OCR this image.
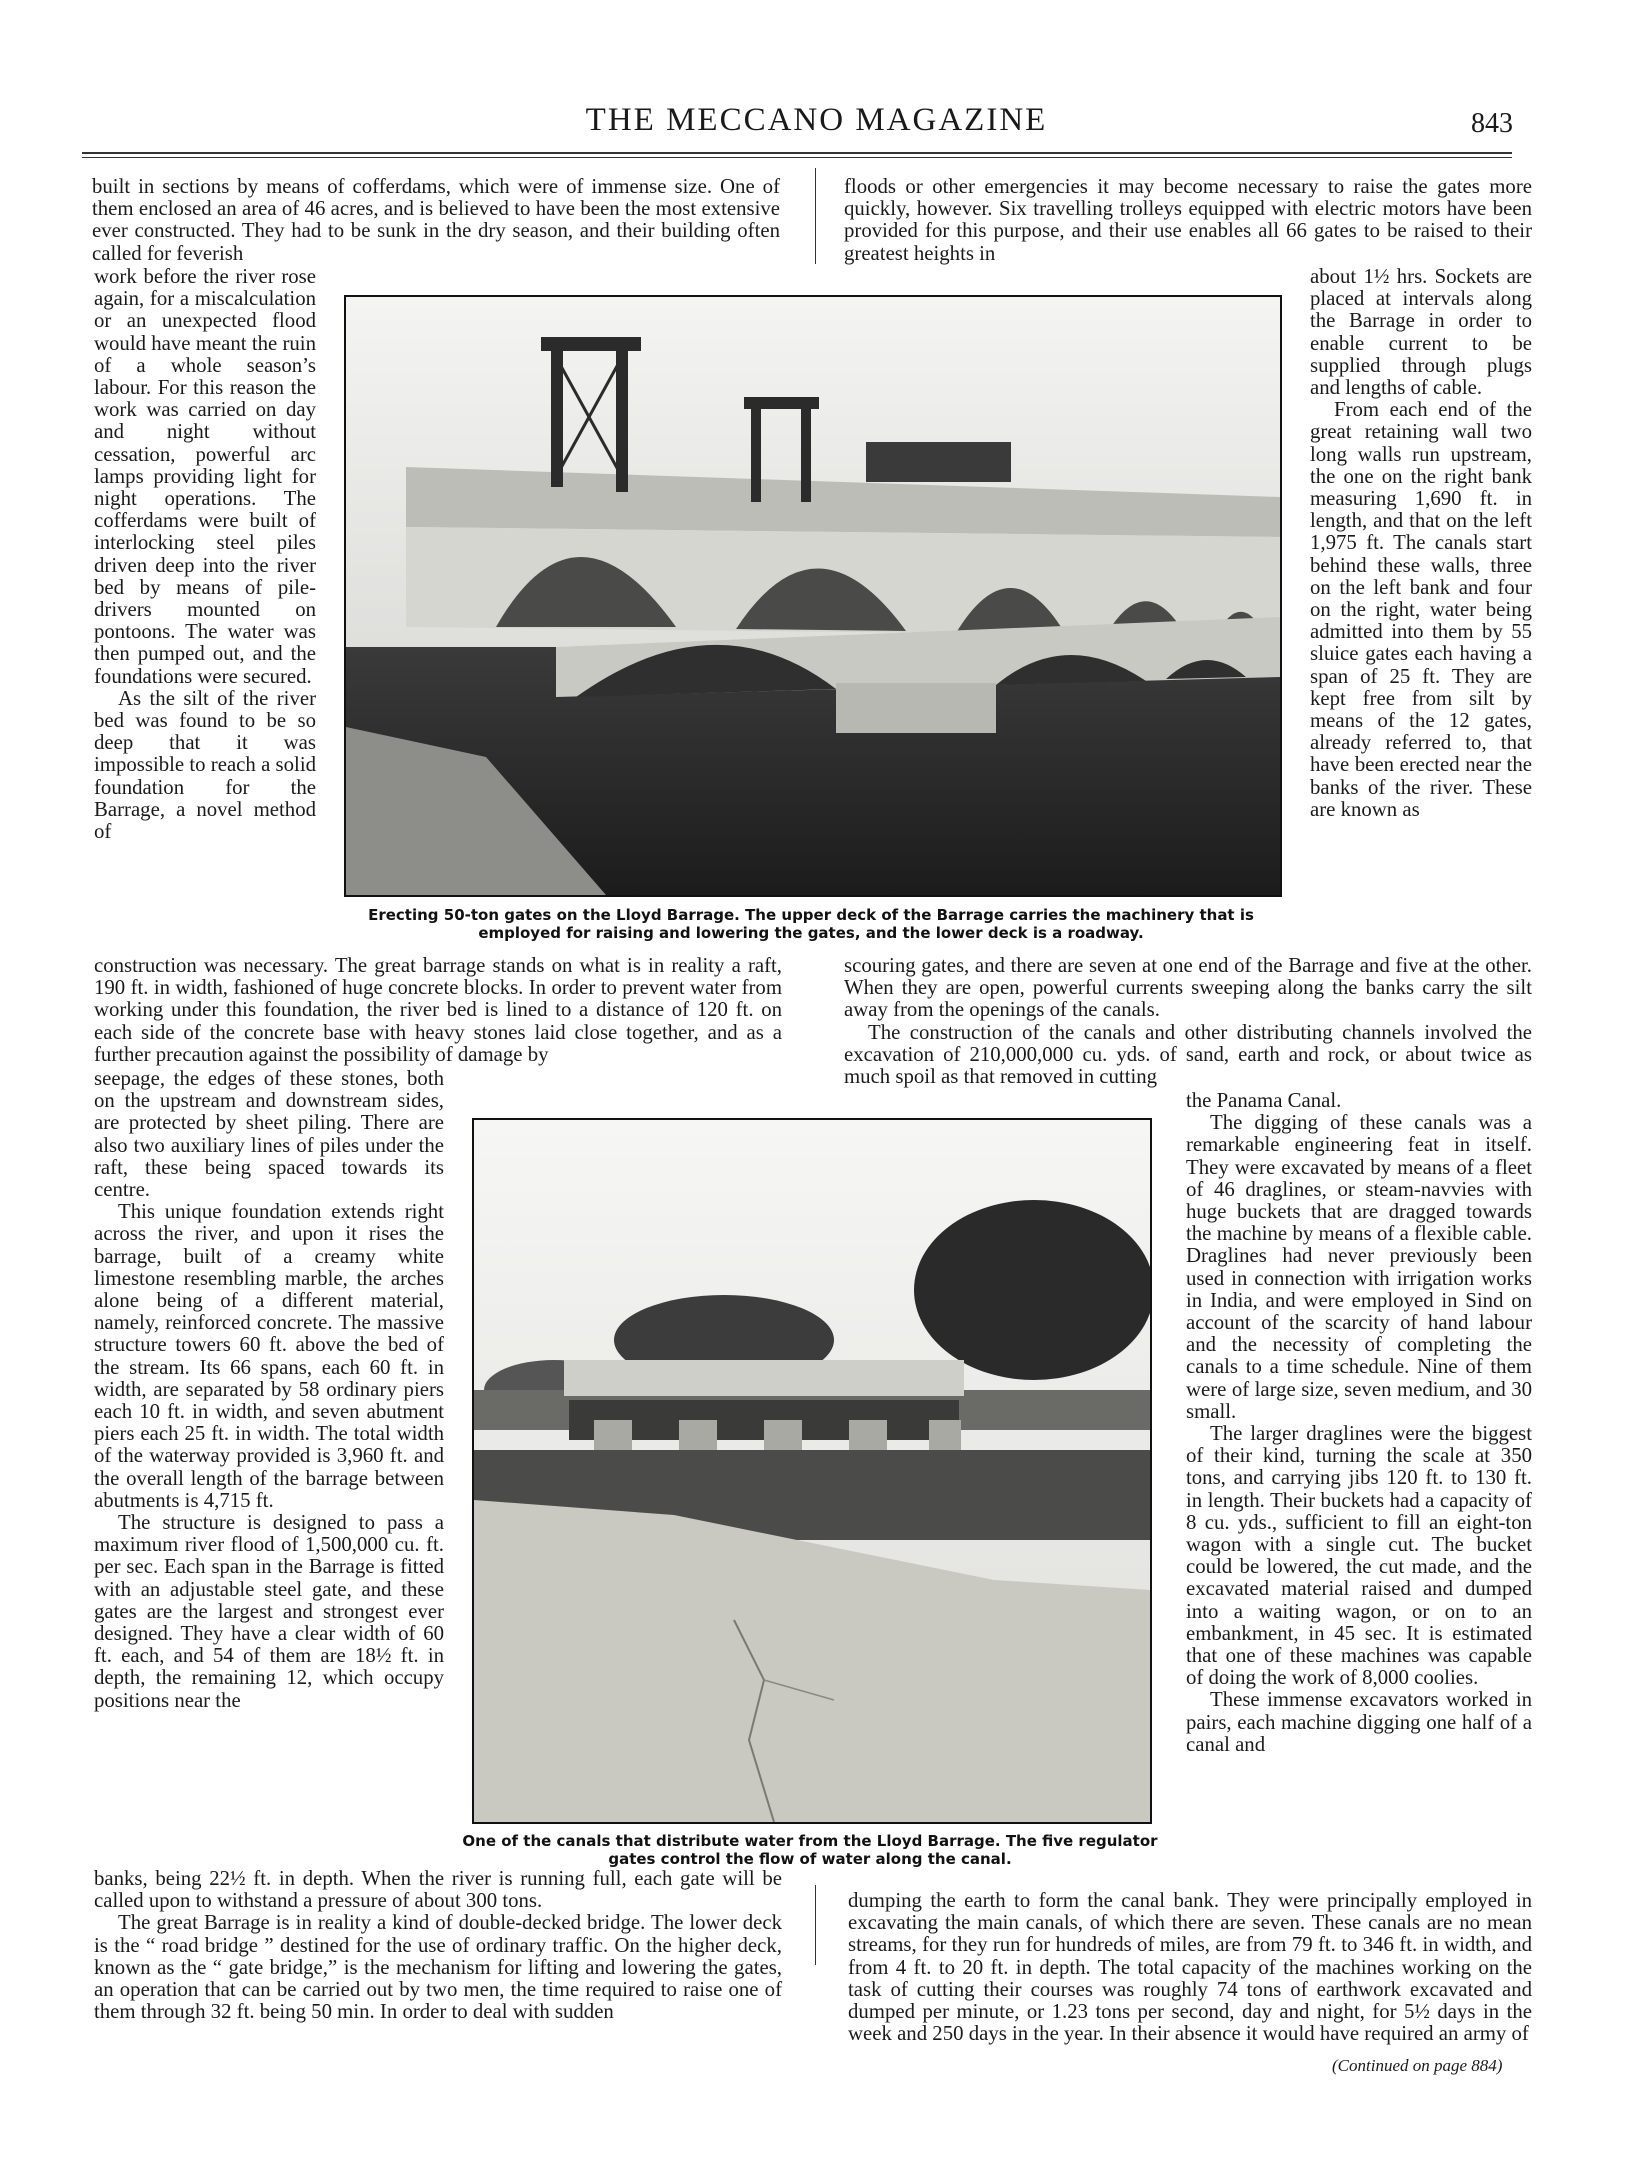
THE MECCANO MAGAZINE	843

built in sections by means of cofferdams, which were of immense size. One of them enclosed an area of 46 acres, and is believed to have been the most extensive ever constructed. They had to be sunk in the dry season, and their building often called for feverish

floods or other emergencies it may become necessary to raise the gates more quickly, however. Six travelling trolleys equipped with electric motors have been provided for this purpose, and their use enables all 66 gates to be raised to their greatest heights in

work before the river rose again, for a miscalculation or an unexpected flood would have meant the ruin of a whole season’s labour. For this reason the work was carried on day and night without cessation, powerful arc lamps providing light for night operations. The cofferdams were built of interlocking steel piles driven deep into the river bed by means of pile-drivers mounted on pontoons. The water was then pumped out, and the foundations were secured.

As the silt of the river bed was found to be so deep that it was impossible to reach a solid foundation for the Barrage, a novel method of

Erecting 50-ton gates on the Lloyd Barrage. The upper deck of the Barrage carries the machinery that is employed for raising and lowering the gates, and the lower deck is a roadway.

about 1½ hrs. Sockets are placed at intervals along the Barrage in order to enable current to be supplied through plugs and lengths of cable.

From each end of the great retaining wall two long walls run upstream, the one on the right bank measuring 1,690 ft. in length, and that on the left 1,975 ft. The canals start behind these walls, three on the left bank and four on the right, water being admitted into them by 55 sluice gates each having a span of 25 ft. They are kept free from silt by means of the 12 gates, already referred to, that have been erected near the banks of the river. These are known as

construction was necessary. The great barrage stands on what is in reality a raft, 190 ft. in width, fashioned of huge concrete blocks. In order to prevent water from working under this foundation, the river bed is lined to a distance of 120 ft. on each side of the concrete base with heavy stones laid close together, and as a further precaution against the possibility of damage by

scouring gates, and there are seven at one end of the Barrage and five at the other. When they are open, powerful currents sweeping along the banks carry the silt away from the openings of the canals.

The construction of the canals and other distributing channels involved the excavation of 210,000,000 cu. yds. of sand, earth and rock, or about twice as much spoil as that removed in cutting

seepage, the edges of these stones, both on the upstream and downstream sides, are protected by sheet piling. There are also two auxiliary lines of piles under the raft, these being spaced towards its centre.

This unique foundation extends right across the river, and upon it rises the barrage, built of a creamy white limestone resembling marble, the arches alone being of a different material, namely, reinforced concrete. The massive structure towers 60 ft. above the bed of the stream. Its 66 spans, each 60 ft. in width, are separated by 58 ordinary piers each 10 ft. in width, and seven abutment piers each 25 ft. in width. The total width of the waterway provided is 3,960 ft. and the overall length of the barrage between abutments is 4,715 ft.

The structure is designed to pass a maximum river flood of 1,500,000 cu. ft. per sec. Each span in the Barrage is fitted with an adjustable steel gate, and these gates are the largest and strongest ever designed. They have a clear width of 60 ft. each, and 54 of them are 18½ ft. in depth, the remaining 12, which occupy positions near the

One of the canals that distribute water from the Lloyd Barrage. The five regulator gates control the flow of water along the canal.

the Panama Canal.

The digging of these canals was a remarkable engineering feat in itself. They were excavated by means of a fleet of 46 draglines, or steam-navvies with huge buckets that are dragged towards the machine by means of a flexible cable. Draglines had never previously been used in connection with irrigation works in India, and were employed in Sind on account of the scarcity of hand labour and the necessity of completing the canals to a time schedule. Nine of them were of large size, seven medium, and 30 small.

The larger draglines were the biggest of their kind, turning the scale at 350 tons, and carrying jibs 120 ft. to 130 ft. in length. Their buckets had a capacity of 8 cu. yds., sufficient to fill an eight-ton wagon with a single cut. The bucket could be lowered, the cut made, and the excavated material raised and dumped into a waiting wagon, or on to an embankment, in 45 sec. It is estimated that one of these machines was capable of doing the work of 8,000 coolies.

These immense excavators worked in pairs, each machine digging one half of a canal and

banks, being 22½ ft. in depth. When the river is running full, each gate will be called upon to withstand a pressure of about 300 tons.

The great Barrage is in reality a kind of double-decked bridge. The lower deck is the “ road bridge ” destined for the use of ordinary traffic. On the higher deck, known as the “ gate bridge,” is the mechanism for lifting and lowering the gates, an operation that can be carried out by two men, the time required to raise one of them through 32 ft. being 50 min. In order to deal with sudden

dumping the earth to form the canal bank. They were principally employed in excavating the main canals, of which there are seven. These canals are no mean streams, for they run for hundreds of miles, are from 79 ft. to 346 ft. in width, and from 4 ft. to 20 ft. in depth. The total capacity of the machines working on the task of cutting their courses was roughly 74 tons of earthwork excavated and dumped per minute, or 1.23 tons per second, day and night, for 5½ days in the week and 250 days in the year. In their absence it would have required an army of

(Continued on page 884)
